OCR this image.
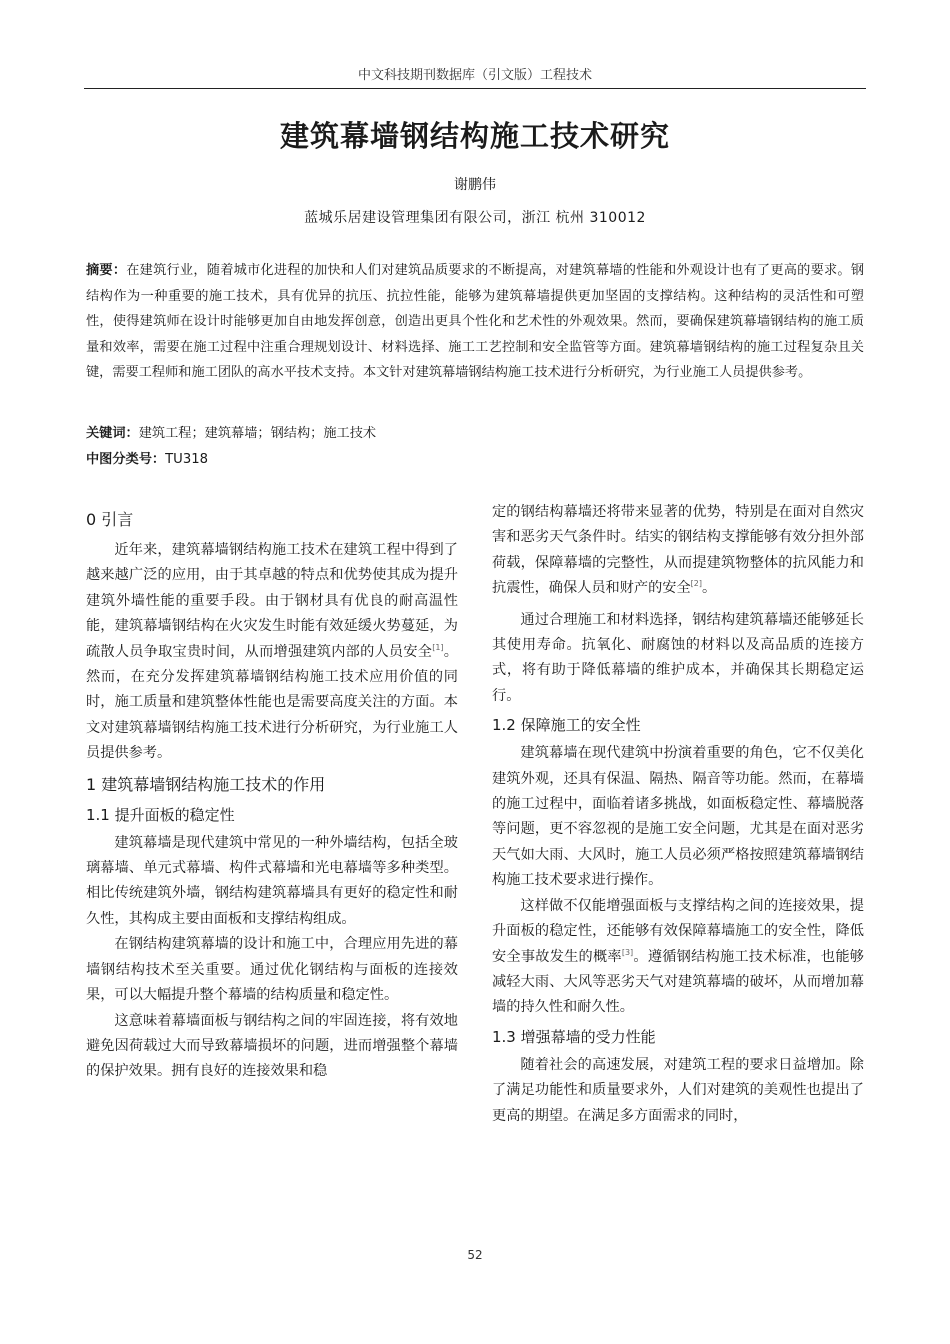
中文科技期刊数据库（引文版）工程技术
建筑幕墙钢结构施工技术研究
谢鹏伟
蓝城乐居建设管理集团有限公司，浙江 杭州 310012
摘要：在建筑行业，随着城市化进程的加快和人们对建筑品质要求的不断提高，对建筑幕墙的性能和外观设计也有了更高的要求。钢结构作为一种重要的施工技术，具有优异的抗压、抗拉性能，能够为建筑幕墙提供更加坚固的支撑结构。这种结构的灵活性和可塑性，使得建筑师在设计时能够更加自由地发挥创意，创造出更具个性化和艺术性的外观效果。然而，要确保建筑幕墙钢结构的施工质量和效率，需要在施工过程中注重合理规划设计、材料选择、施工工艺控制和安全监管等方面。建筑幕墙钢结构的施工过程复杂且关键，需要工程师和施工团队的高水平技术支持。本文针对建筑幕墙钢结构施工技术进行分析研究，为行业施工人员提供参考。
关键词：建筑工程；建筑幕墙；钢结构；施工技术
中图分类号：TU318
0 引言

近年来，建筑幕墙钢结构施工技术在建筑工程中得到了越来越广泛的应用，由于其卓越的特点和优势使其成为提升建筑外墙性能的重要手段。由于钢材具有优良的耐高温性能，建筑幕墙钢结构在火灾发生时能有效延缓火势蔓延，为疏散人员争取宝贵时间，从而增强建筑内部的人员安全[1]。然而，在充分发挥建筑幕墙钢结构施工技术应用价值的同时，施工质量和建筑整体性能也是需要高度关注的方面。本文对建筑幕墙钢结构施工技术进行分析研究，为行业施工人员提供参考。

1 建筑幕墙钢结构施工技术的作用
1.1 提升面板的稳定性

建筑幕墙是现代建筑中常见的一种外墙结构，包括全玻璃幕墙、单元式幕墙、构件式幕墙和光电幕墙等多种类型。相比传统建筑外墙，钢结构建筑幕墙具有更好的稳定性和耐久性，其构成主要由面板和支撑结构组成。

在钢结构建筑幕墙的设计和施工中，合理应用先进的幕墙钢结构技术至关重要。通过优化钢结构与面板的连接效果，可以大幅提升整个幕墙的结构质量和稳定性。

这意味着幕墙面板与钢结构之间的牢固连接，将有效地避免因荷载过大而导致幕墙损坏的问题，进而增强整个幕墙的保护效果。拥有良好的连接效果和稳

定的钢结构幕墙还将带来显著的优势，特别是在面对自然灾害和恶劣天气条件时。结实的钢结构支撑能够有效分担外部荷载，保障幕墙的完整性，从而提建筑物整体的抗风能力和抗震性，确保人员和财产的安全[2]。

通过合理施工和材料选择，钢结构建筑幕墙还能够延长其使用寿命。抗氧化、耐腐蚀的材料以及高品质的连接方式，将有助于降低幕墙的维护成本，并确保其长期稳定运行。

1.2 保障施工的安全性

建筑幕墙在现代建筑中扮演着重要的角色，它不仅美化建筑外观，还具有保温、隔热、隔音等功能。然而，在幕墙的施工过程中，面临着诸多挑战，如面板稳定性、幕墙脱落等问题，更不容忽视的是施工安全问题，尤其是在面对恶劣天气如大雨、大风时，施工人员必须严格按照建筑幕墙钢结构施工技术要求进行操作。

这样做不仅能增强面板与支撑结构之间的连接效果，提升面板的稳定性，还能够有效保障幕墙施工的安全性，降低安全事故发生的概率[3]。遵循钢结构施工技术标准，也能够减轻大雨、大风等恶劣天气对建筑幕墙的破坏，从而增加幕墙的持久性和耐久性。

1.3 增强幕墙的受力性能

随着社会的高速发展，对建筑工程的要求日益增加。除了满足功能性和质量要求外，人们对建筑的美观性也提出了更高的期望。在满足多方面需求的同时，

52
